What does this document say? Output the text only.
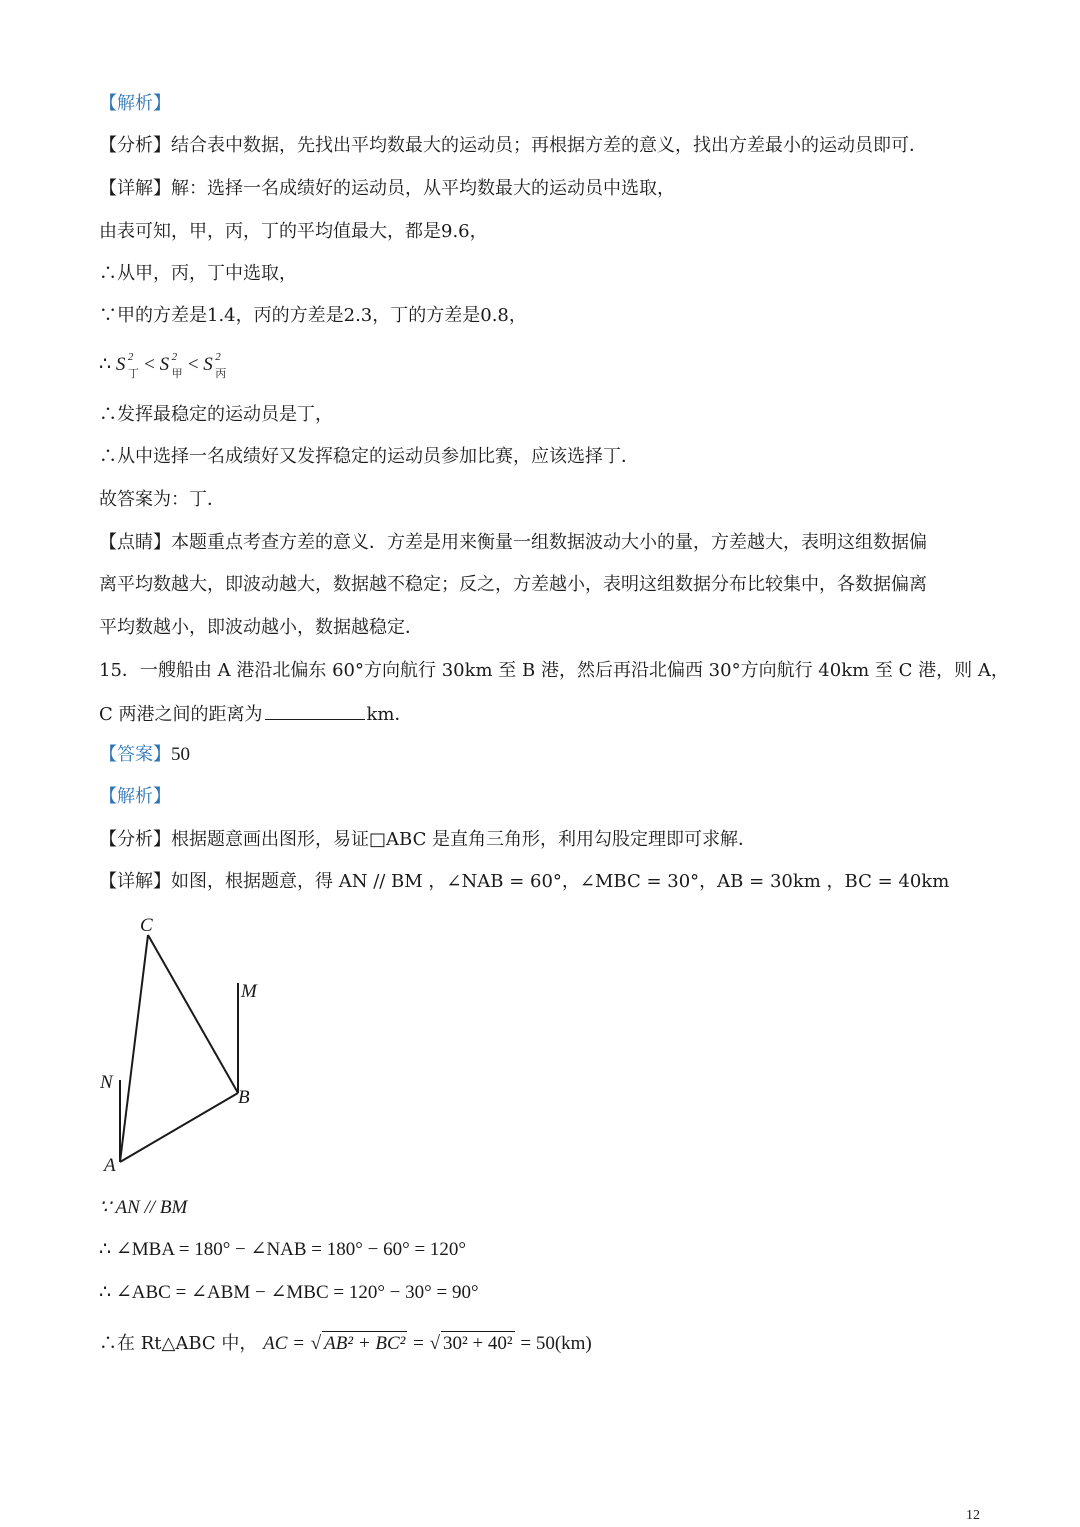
【解析】
【分析】结合表中数据，先找出平均数最大的运动员；再根据方差的意义，找出方差最小的运动员即可．
【详解】解：选择一名成绩好的运动员，从平均数最大的运动员中选取，
由表可知，甲，丙，丁的平均值最大，都是9.6，
∴从甲，丙，丁中选取，
∵甲的方差是1.4，丙的方差是2.3，丁的方差是0.8，
∴ S 2
丁 < S 2
甲 < S 2
丙
∴发挥最稳定的运动员是丁，
∴从中选择一名成绩好又发挥稳定的运动员参加比赛，应该选择丁．
故答案为：丁．
【点睛】本题重点考查方差的意义．方差是用来衡量一组数据波动大小的量，方差越大，表明这组数据偏
离平均数越大，即波动越大，数据越不稳定；反之，方差越小，表明这组数据分布比较集中，各数据偏离
平均数越小，即波动越小，数据越稳定．
15．一艘船由 A 港沿北偏东 60°方向航行 30km 至 B 港，然后再沿北偏西 30°方向航行 40km 至 C 港，则 A，
C 两港之间的距离为	km．
【答案】50
【解析】
【分析】根据题意画出图形，易证□ABC 是直角三角形，利用勾股定理即可求解．
【详解】如图，根据题意，得 AN // BM ，∠NAB = 60°，∠MBC = 30°，AB = 30km ，BC = 40km
C
M
N
B
A
∵ AN // BM
∴ ∠MBA = 180° − ∠NAB = 180° − 60° = 120°
∴ ∠ABC = ∠ABM − ∠MBC = 120° − 30° = 90°
∴在 Rt△ABC 中， AC = √ AB² + BC² = √ 30² + 40² = 50(km)
12
